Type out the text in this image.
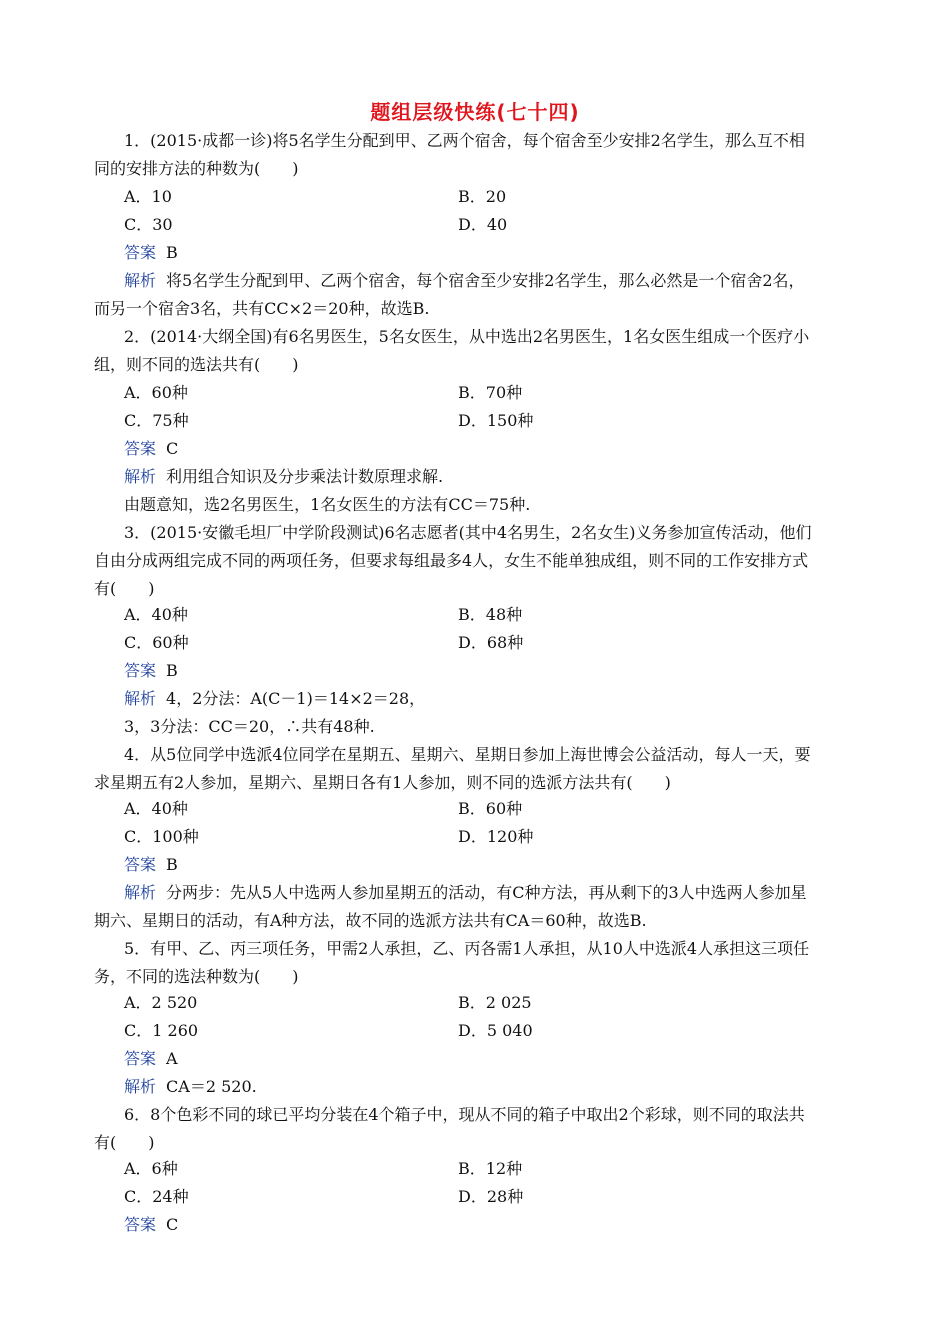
题组层级快练(七十四)
1．(2015·成都一诊)将5名学生分配到甲、乙两个宿舍，每个宿舍至少安排2名学生，那么互不相
同的安排方法的种数为(　　)
A．10	B．20
C．30	D．40
答案 B
解析 将5名学生分配到甲、乙两个宿舍，每个宿舍至少安排2名学生，那么必然是一个宿舍2名，
而另一个宿舍3名，共有CC×2＝20种，故选B.
2．(2014·大纲全国)有6名男医生，5名女医生，从中选出2名男医生，1名女医生组成一个医疗小
组，则不同的选法共有(　　)
A．60种	B．70种
C．75种	D．150种
答案 C
解析 利用组合知识及分步乘法计数原理求解.
由题意知，选2名男医生，1名女医生的方法有CC＝75种.
3．(2015·安徽毛坦厂中学阶段测试)6名志愿者(其中4名男生，2名女生)义务参加宣传活动，他们
自由分成两组完成不同的两项任务，但要求每组最多4人，女生不能单独成组，则不同的工作安排方式
有(　　)
A．40种	B．48种
C．60种	D．68种
答案 B
解析 4，2分法：A(C－1)＝14×2＝28，
3，3分法：CC＝20，∴共有48种.
4．从5位同学中选派4位同学在星期五、星期六、星期日参加上海世博会公益活动，每人一天，要
求星期五有2人参加，星期六、星期日各有1人参加，则不同的选派方法共有(　　)
A．40种	B．60种
C．100种	D．120种
答案 B
解析 分两步：先从5人中选两人参加星期五的活动，有C种方法，再从剩下的3人中选两人参加星
期六、星期日的活动，有A种方法，故不同的选派方法共有CA＝60种，故选B.
5．有甲、乙、丙三项任务，甲需2人承担，乙、丙各需1人承担，从10人中选派4人承担这三项任
务，不同的选法种数为(　　)
A．2 520	B．2 025
C．1 260	D．5 040
答案 A
解析 CA＝2 520.
6．8个色彩不同的球已平均分装在4个箱子中，现从不同的箱子中取出2个彩球，则不同的取法共
有(　　)
A．6种	B．12种
C．24种	D．28种
答案 C
